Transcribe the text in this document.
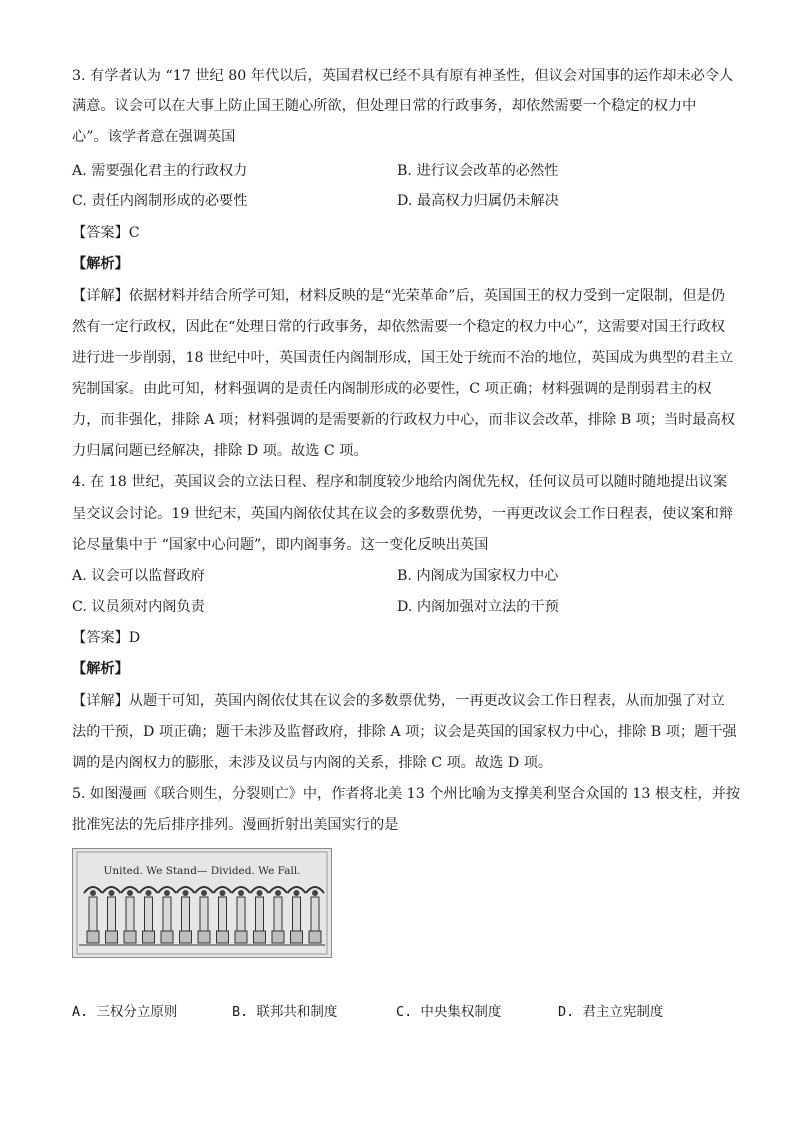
3. 有学者认为 “17 世纪 80 年代以后，英国君权已经不具有原有神圣性，但议会对国事的运作却未必令人
满意。议会可以在大事上防止国王随心所欲，但处理日常的行政事务，却依然需要一个稳定的权力中
心”。该学者意在强调英国
A. 需要强化君主的行政权力	B. 进行议会改革的必然性
C. 责任内阁制形成的必要性	D. 最高权力归属仍未解决
【答案】C
【解析】
【详解】依据材料并结合所学可知，材料反映的是“光荣革命”后，英国国王的权力受到一定限制，但是仍
然有一定行政权，因此在“处理日常的行政事务，却依然需要一个稳定的权力中心”，这需要对国王行政权
进行进一步削弱，18 世纪中叶，英国责任内阁制形成，国王处于统而不治的地位，英国成为典型的君主立
宪制国家。由此可知，材料强调的是责任内阁制形成的必要性，C 项正确；材料强调的是削弱君主的权
力，而非强化，排除 A 项；材料强调的是需要新的行政权力中心，而非议会改革，排除 B 项；当时最高权
力归属问题已经解决，排除 D 项。故选 C 项。
4. 在 18 世纪，英国议会的立法日程、程序和制度较少地给内阁优先权，任何议员可以随时随地提出议案
呈交议会讨论。19 世纪末，英国内阁依仗其在议会的多数票优势，一再更改议会工作日程表，使议案和辩
论尽量集中于 “国家中心问题”，即内阁事务。这一变化反映出英国
A. 议会可以监督政府	B. 内阁成为国家权力中心
C. 议员须对内阁负责	D. 内阁加强对立法的干预
【答案】D
【解析】
【详解】从题干可知，英国内阁依仗其在议会的多数票优势，一再更改议会工作日程表，从而加强了对立
法的干预，D 项正确；题干未涉及监督政府，排除 A 项；议会是英国的国家权力中心，排除 B 项；题干强
调的是内阁权力的膨胀，未涉及议员与内阁的关系，排除 C 项。故选 D 项。
5. 如图漫画《联合则生，分裂则亡》中，作者将北美 13 个州比喻为支撑美利坚合众国的 13 根支柱，并按
批准宪法的先后排序排列。漫画折射出美国实行的是
United. We Stand— Divided. We Fall.
A. 三权分立原则	B. 联邦共和制度	C. 中央集权制度	D. 君主立宪制度
